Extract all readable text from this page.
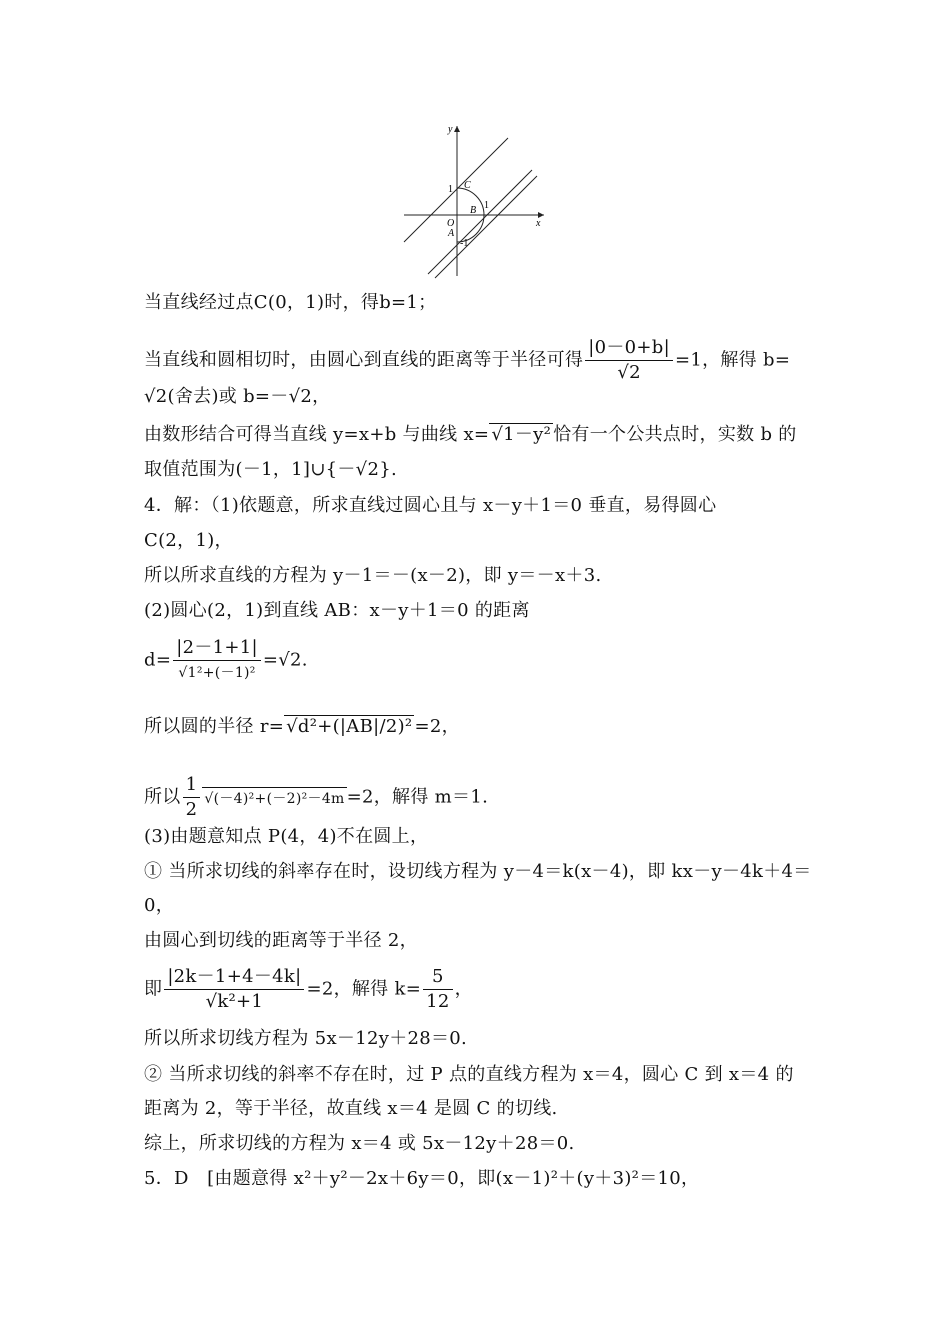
y
x
O
1 C
B 1
A
-1
当直线经过点C(0，1)时，得b=1；
当直线和圆相切时，由圆心到直线的距离等于半径可得 $\frac{|0-0+b|}{√2} =1$，解得 b=
√2(舍去)或 b=－√2，
由数形结合可得当直线 y=x+b 与曲线 x= √1－y² 恰有一个公共点时，实数 b 的
取值范围为(－1，1]∪{－√2}.
4．解：（1)依题意，所求直线过圆心且与 x－y＋1＝0 垂直，易得圆心
C(2，1)，
所以所求直线的方程为 y－1＝－(x－2)，即 y＝－x＋3.
(2)圆心(2，1)到直线 AB：x－y＋1＝0 的距离
$d= \frac{|2-1+1|}{\text{√1²+(－1)²}} =√2$.
所以圆的半径 r= √d²+(|AB|/2)² =2，
所以 $\frac{1}{2} √(-4)^2+(-2)^2-4m =2$，解得 m＝1.
(3)由题意知点 P(4，4)不在圆上，
① 当所求切线的斜率存在时，设切线方程为 y－4＝k(x－4)，即 kx－y－4k＋4＝
0，
由圆心到切线的距离等于半径 2，
即 $\frac{|2k-1+4-4k|}{\text{√k²+1}} =2$，解得 $k= \frac{5}{12}$ ，
所以所求切线方程为 5x－12y＋28＝0.
② 当所求切线的斜率不存在时，过 P 点的直线方程为 x＝4，圆心 C 到 x＝4 的
距离为 2，等于半径，故直线 x＝4 是圆 C 的切线.
综上，所求切线的方程为 x＝4 或 5x－12y＋28＝0.
5．D　[由题意得 x²＋y²－2x＋6y＝0，即(x－1)²＋(y＋3)²＝10，
